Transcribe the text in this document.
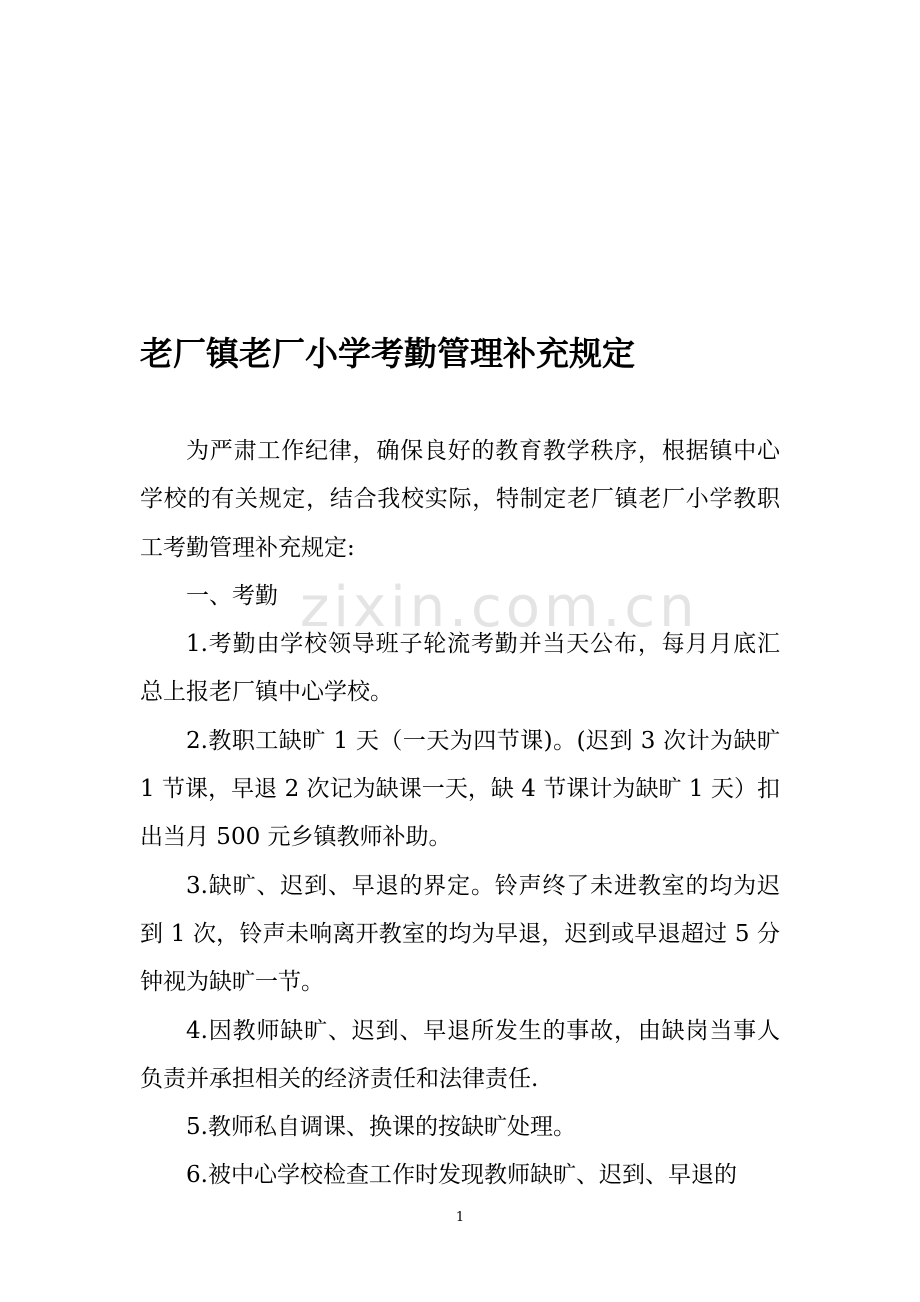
老厂镇老厂小学考勤管理补充规定

为严肃工作纪律，确保良好的教育教学秩序，根据镇中心学校的有关规定，结合我校实际，特制定老厂镇老厂小学教职工考勤管理补充规定:

一、考勤

1.考勤由学校领导班子轮流考勤并当天公布，每月月底汇总上报老厂镇中心学校。

2.教职工缺旷 1 天（一天为四节课)。(迟到 3 次计为缺旷 1 节课，早退 2 次记为缺课一天，缺 4 节课计为缺旷 1 天）扣出当月 500 元乡镇教师补助。

3.缺旷、迟到、早退的界定。铃声终了未进教室的均为迟到 1 次，铃声未响离开教室的均为早退，迟到或早退超过 5 分钟视为缺旷一节。

4.因教师缺旷、迟到、早退所发生的事故，由缺岗当事人负责并承担相关的经济责任和法律责任.

5.教师私自调课、换课的按缺旷处理。

6.被中心学校检查工作时发现教师缺旷、迟到、早退的

zixin.com.cn
1
